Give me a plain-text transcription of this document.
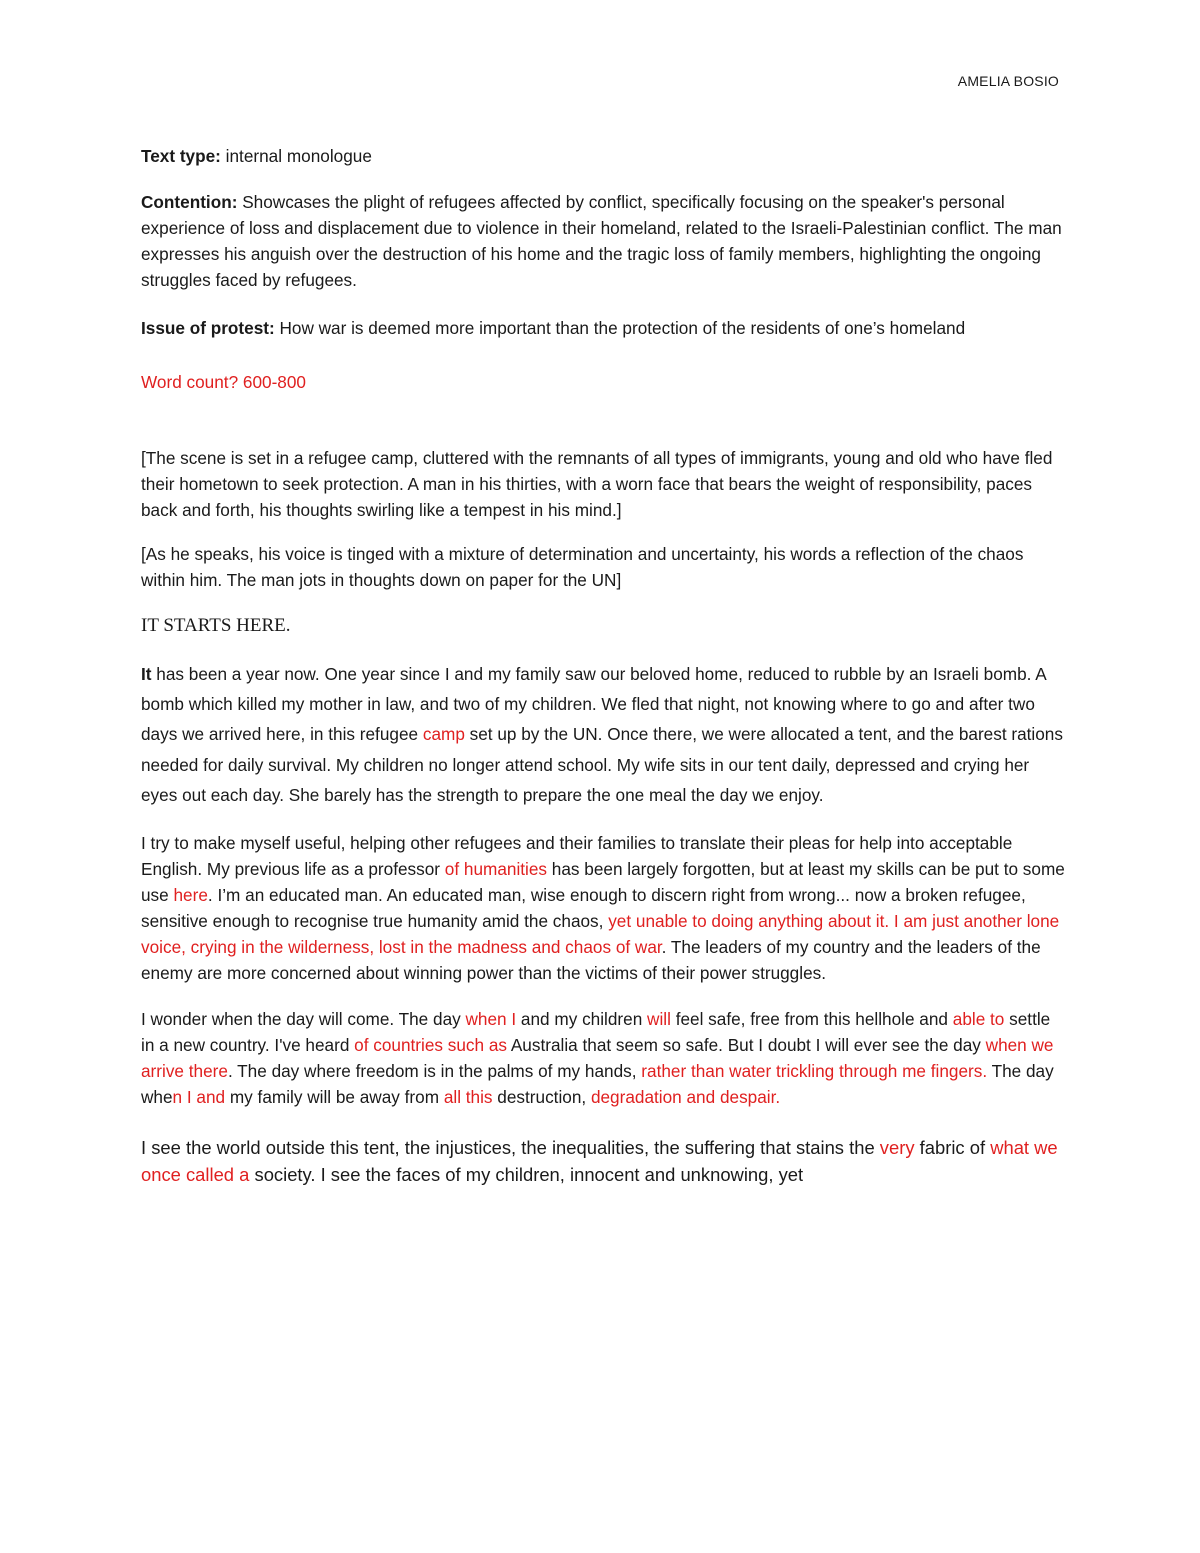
AMELIA BOSIO

Text type: internal monologue

Contention: Showcases the plight of refugees affected by conflict, specifically focusing on the speaker's personal experience of loss and displacement due to violence in their homeland, related to the Israeli-Palestinian conflict. The man expresses his anguish over the destruction of his home and the tragic loss of family members, highlighting the ongoing struggles faced by refugees.

Issue of protest: How war is deemed more important than the protection of the residents of one’s homeland

Word count? 600-800

[The scene is set in a refugee camp, cluttered with the remnants of all types of immigrants, young and old who have fled their hometown to seek protection. A man in his thirties, with a worn face that bears the weight of responsibility, paces back and forth, his thoughts swirling like a tempest in his mind.]

[As he speaks, his voice is tinged with a mixture of determination and uncertainty, his words a reflection of the chaos within him. The man jots in thoughts down on paper for the UN]

IT STARTS HERE.

It has been a year now. One year since I and my family saw our beloved home, reduced to rubble by an Israeli bomb. A bomb which killed my mother in law, and two of my children. We fled that night, not knowing where to go and after two days we arrived here, in this refugee camp set up by the UN. Once there, we were allocated a tent, and the barest rations needed for daily survival. My children no longer attend school. My wife sits in our tent daily, depressed and crying her eyes out each day. She barely has the strength to prepare the one meal the day we enjoy.

I try to make myself useful, helping other refugees and their families to translate their pleas for help into acceptable English. My previous life as a professor of humanities has been largely forgotten, but at least my skills can be put to some use here. I’m an educated man. An educated man, wise enough to discern right from wrong... now a broken refugee, sensitive enough to recognise true humanity amid the chaos, yet unable to doing anything about it. I am just another lone voice, crying in the wilderness, lost in the madness and chaos of war. The leaders of my country and the leaders of the enemy are more concerned about winning power than the victims of their power struggles.

I wonder when the day will come. The day when I and my children will feel safe, free from this hellhole and able to settle in a new country. I've heard of countries such as Australia that seem so safe. But I doubt I will ever see the day when we arrive there. The day where freedom is in the palms of my hands, rather than water trickling through me fingers. The day when I and my family will be away from all this destruction, degradation and despair.

I see the world outside this tent, the injustices, the inequalities, the suffering that stains the very fabric of what we once called a society. I see the faces of my children, innocent and unknowing, yet
